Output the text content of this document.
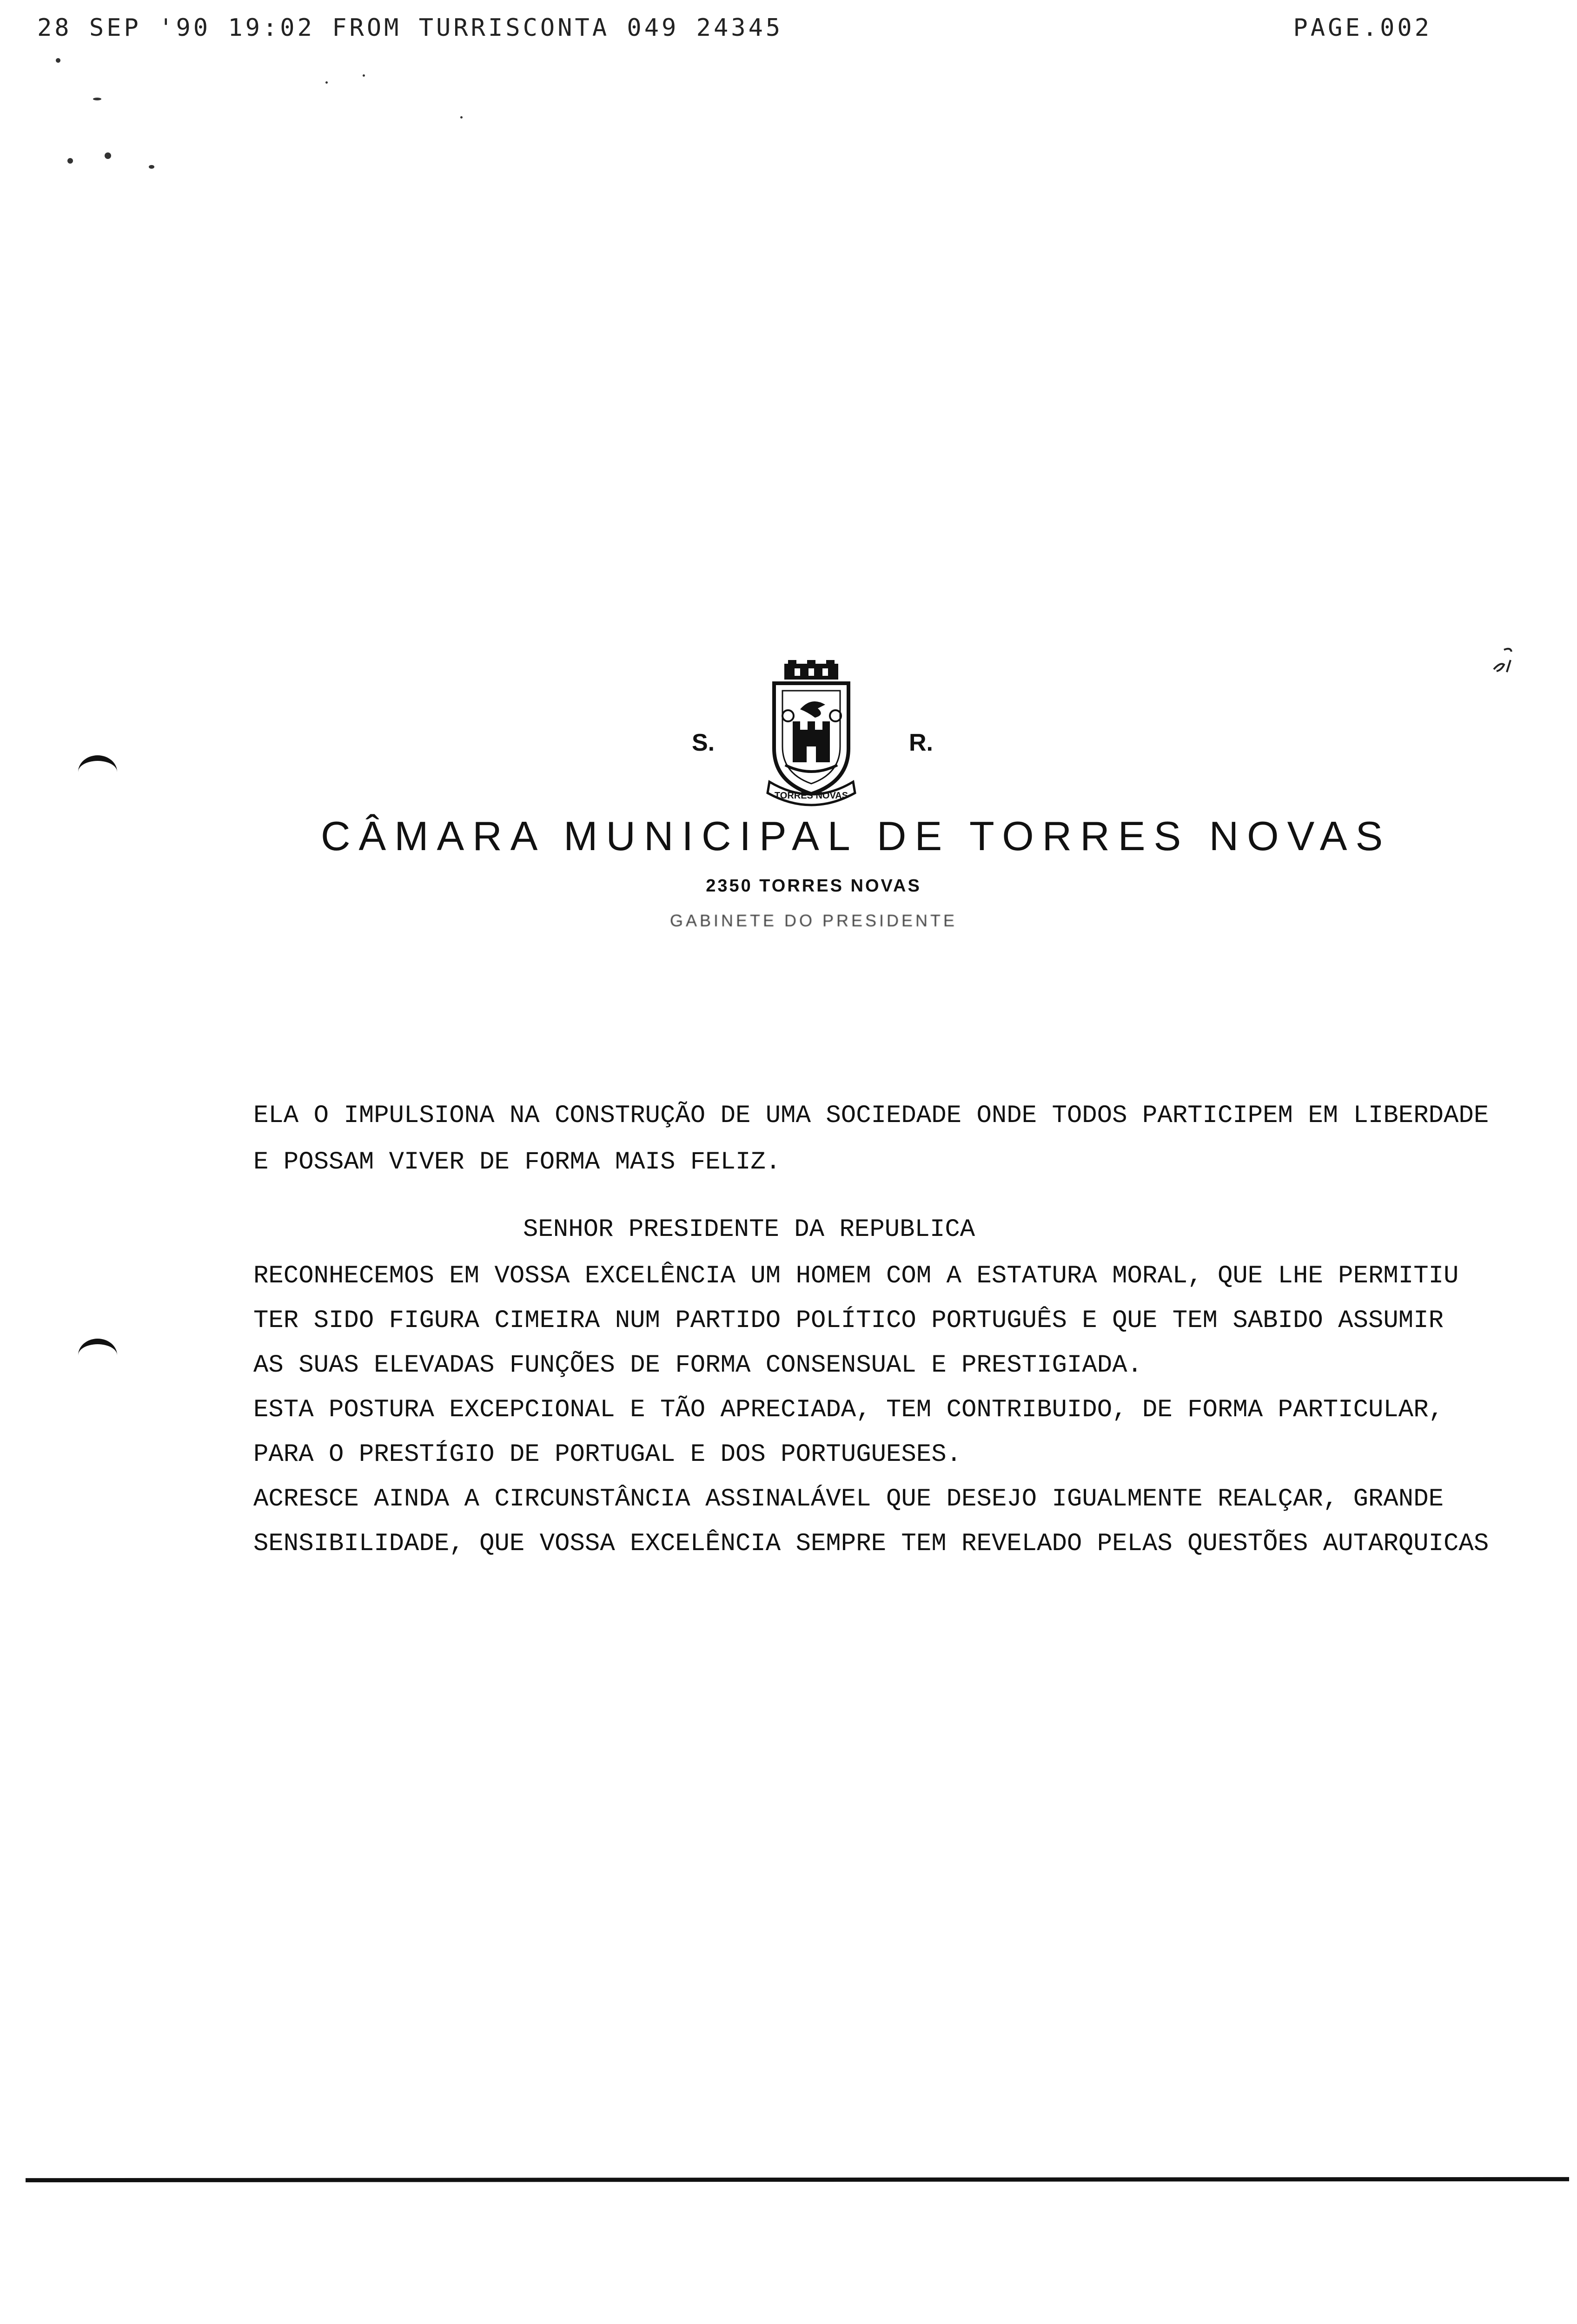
28 SEP '90 19:02 FROM TURRISCONTA 049 24345	PAGE.002
TORRES NOVAS
S.	R.
CÂMARA MUNICIPAL DE TORRES NOVAS
2350 TORRES NOVAS
GABINETE DO PRESIDENTE
ELA O IMPULSIONA NA CONSTRUÇÃO DE UMA SOCIEDADE ONDE TODOS PARTICIPEM EM LIBERDADE
E POSSAM VIVER DE FORMA MAIS FELIZ.
SENHOR PRESIDENTE DA REPUBLICA
RECONHECEMOS EM VOSSA EXCELÊNCIA UM HOMEM COM A ESTATURA MORAL, QUE LHE PERMITIU
TER SIDO FIGURA CIMEIRA NUM PARTIDO POLÍTICO PORTUGUÊS E QUE TEM SABIDO ASSUMIR
AS SUAS ELEVADAS FUNÇÕES DE FORMA CONSENSUAL E PRESTIGIADA.
ESTA POSTURA EXCEPCIONAL E TÃO APRECIADA, TEM CONTRIBUIDO, DE FORMA PARTICULAR,
PARA O PRESTÍGIO DE PORTUGAL E DOS PORTUGUESES.
ACRESCE AINDA A CIRCUNSTÂNCIA ASSINALÁVEL QUE DESEJO IGUALMENTE REALÇAR, GRANDE
SENSIBILIDADE, QUE VOSSA EXCELÊNCIA SEMPRE TEM REVELADO PELAS QUESTÕES AUTARQUICAS
